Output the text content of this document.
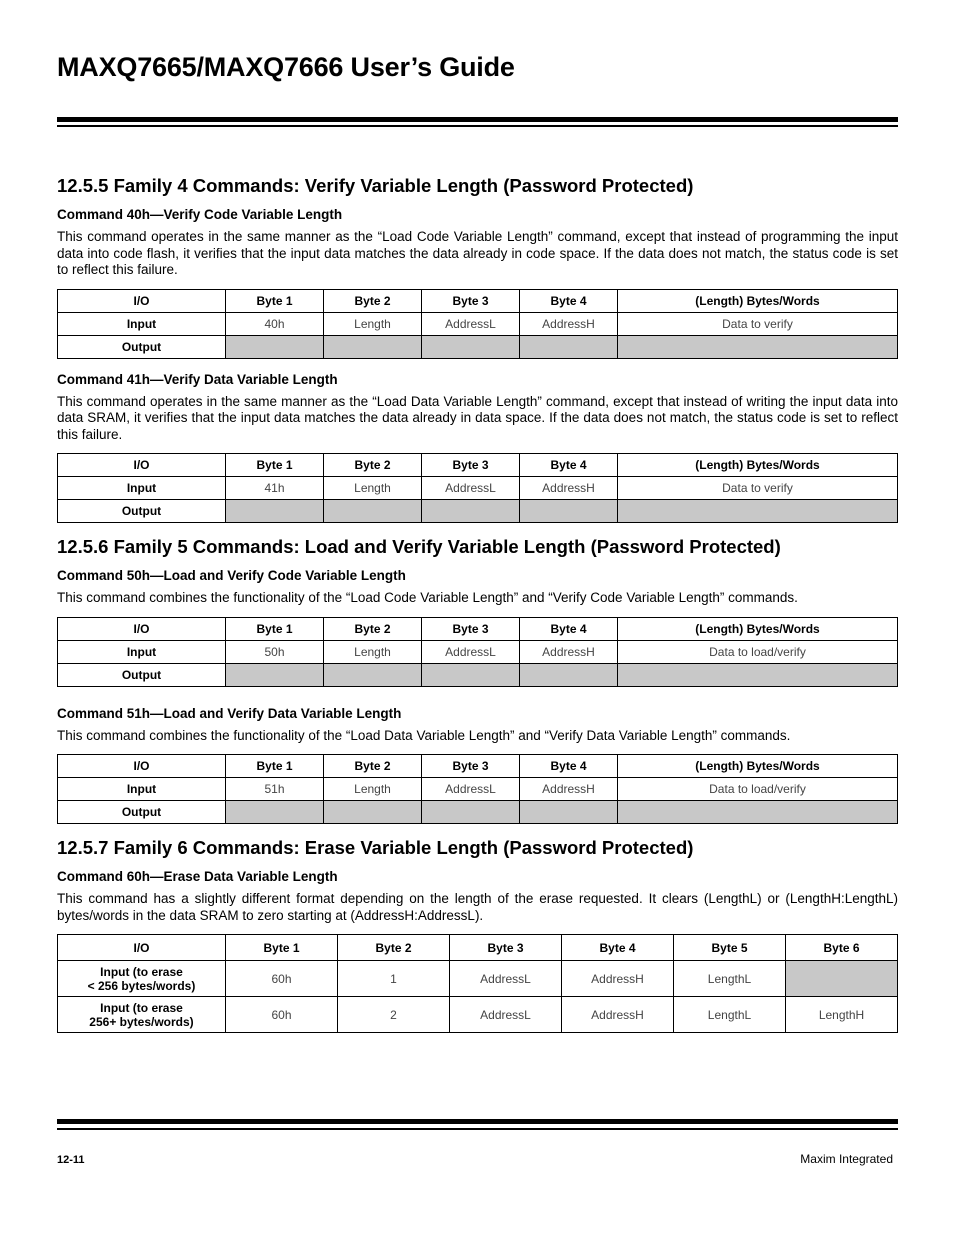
MAXQ7665/MAXQ7666 User’s Guide
12.5.5 Family 4 Commands: Verify Variable Length (Password Protected)
Command 40h—Verify Code Variable Length

This command operates in the same manner as the “Load Code Variable Length” command, except that instead of programming the input data into code flash, it verifies that the input data matches the data already in code space. If the data does not match, the status code is set to reflect this failure.

I/O	Byte 1	Byte 2	Byte 3	Byte 4	(Length) Bytes/Words
Input	40h	Length	AddressL	AddressH	Data to verify
Output					
Command 41h—Verify Data Variable Length

This command operates in the same manner as the “Load Data Variable Length” command, except that instead of writing the input data into data SRAM, it verifies that the input data matches the data already in data space. If the data does not match, the status code is set to reflect this failure.

I/O	Byte 1	Byte 2	Byte 3	Byte 4	(Length) Bytes/Words
Input	41h	Length	AddressL	AddressH	Data to verify
Output					
12.5.6 Family 5 Commands: Load and Verify Variable Length (Password Protected)
Command 50h—Load and Verify Code Variable Length

This command combines the functionality of the “Load Code Variable Length” and “Verify Code Variable Length” commands.

I/O	Byte 1	Byte 2	Byte 3	Byte 4	(Length) Bytes/Words
Input	50h	Length	AddressL	AddressH	Data to load/verify
Output					
Command 51h—Load and Verify Data Variable Length

This command combines the functionality of the “Load Data Variable Length” and “Verify Data Variable Length” commands.

I/O	Byte 1	Byte 2	Byte 3	Byte 4	(Length) Bytes/Words
Input	51h	Length	AddressL	AddressH	Data to load/verify
Output					
12.5.7 Family 6 Commands: Erase Variable Length (Password Protected)
Command 60h—Erase Data Variable Length

This command has a slightly different format depending on the length of the erase requested. It clears (LengthL) or (LengthH:LengthL) bytes/words in the data SRAM to zero starting at (AddressH:AddressL).

I/O	Byte 1	Byte 2	Byte 3	Byte 4	Byte 5	Byte 6
Input (to erase
< 256 bytes/words)	60h	1	AddressL	AddressH	LengthL	
Input (to erase
256+ bytes/words)	60h	2	AddressL	AddressH	LengthL	LengthH
12-11	Maxim Integrated
